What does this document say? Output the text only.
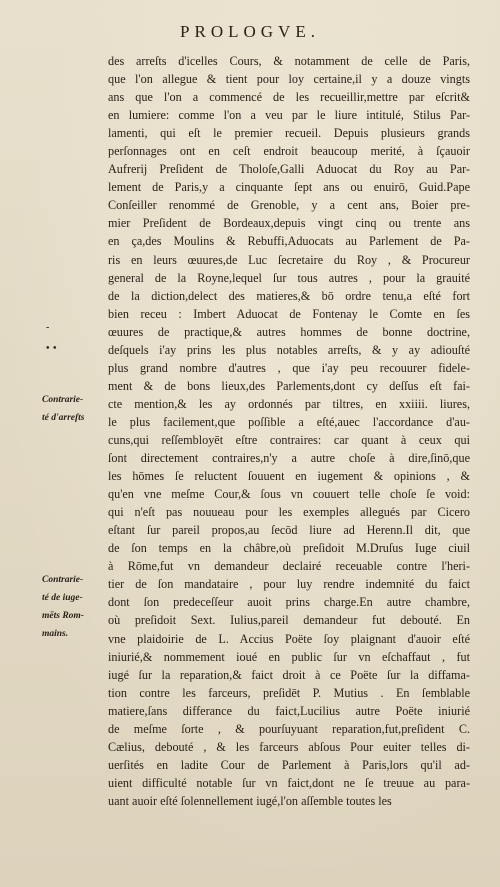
PROLOGVE.
des arreſts d'icelles Cours, & notamment de celle de Paris,
que l'on allegue & tient pour loy certaine,il y a douze vingts
ans que l'on a commencé de les recueillir,mettre par eſcrit&
en lumiere: comme l'on a veu par le liure intitulé, Stilus Par-
lamenti, qui eſt le premier recueil. Depuis plusieurs grands
perſonnages ont en ceſt endroit beaucoup merité, à ſçauoir
Aufrerij Preſident de Tholoſe,Galli Aduocat du Roy au Par-
lement de Paris,y a cinquante ſept ans ou enuirō, Guid.Pape
Conſeiller renommé de Grenoble, y a cent ans, Boier pre-
mier Preſident de Bordeaux,depuis vingt cinq ou trente ans
en ça,des Moulins & Rebuffi,Aduocats au Parlement de Pa-
ris en leurs œuures,de Luc ſecretaire du Roy , & Procureur
general de la Royne,lequel ſur tous autres , pour la grauité
de la diction,delect des matieres,& bō ordre tenu,a eſté fort
bien receu : Imbert Aduocat de Fontenay le Comte en ſes
œuures de practique,& autres hommes de bonne doctrine,
deſquels i'ay prins les plus notables arreſts, & y ay adiouſté
plus grand nombre d'autres , que i'ay peu recouurer fidele-
ment & de bons lieux,des Parlements,dont cy deſſus eſt fai-
cte mention,& les ay ordonnés par tiltres, en xxiiii. liures,
le plus facilement,que poſſible a eſté,auec l'accordance d'au-
cuns,qui reſſembloyēt eſtre contraires: car quant à ceux qui
ſont directement contraires,n'y a autre choſe à dire,ſinō,que
les hōmes ſe reluctent ſouuent en iugement & opinions , &
qu'en vne meſme Cour,& ſous vn couuert telle choſe ſe void:
qui n'eſt pas nouueau pour les exemples allegués par Cicero
eſtant ſur pareil propos,au ſecōd liure ad Herenn.Il dit, que
de ſon temps en la châbre,où preſidoit M.Druſus Iuge ciuil
à Rōme,fut vn demandeur declairé receuable contre l'heri-
tier de ſon mandataire , pour luy rendre indemnité du faict
dont ſon predeceſſeur auoit prins charge.En autre chambre,
où preſidoit Sext. Iulius,pareil demandeur fut debouté. En
vne plaidoirie de L. Accius Poëte ſoy plaignant d'auoir eſté
iniurié,& nommement ioué en public ſur vn eſchaffaut , fut
iugé ſur la reparation,& faict droit à ce Poëte ſur la diffama-
tion contre les farceurs, preſidēt P. Mutius . En ſemblable
matiere,ſans differance du faict,Lucilius autre Poëte iniurié
de meſme ſorte , & pourſuyuant reparation,fut,preſident C.
Cælius, debouté , & les farceurs abſous Pour euiter telles di-
uerſités en ladite Cour de Parlement à Paris,lors qu'il ad-
uient difficulté notable ſur vn faict,dont ne ſe treuue au para-
uant auoir eſté ſolennellement iugé,l'on aſſemble toutes les
Contrarie-
té d'arreſts
Contrarie-
té de iuge-
mēts Rom-
mains.
-
• •
